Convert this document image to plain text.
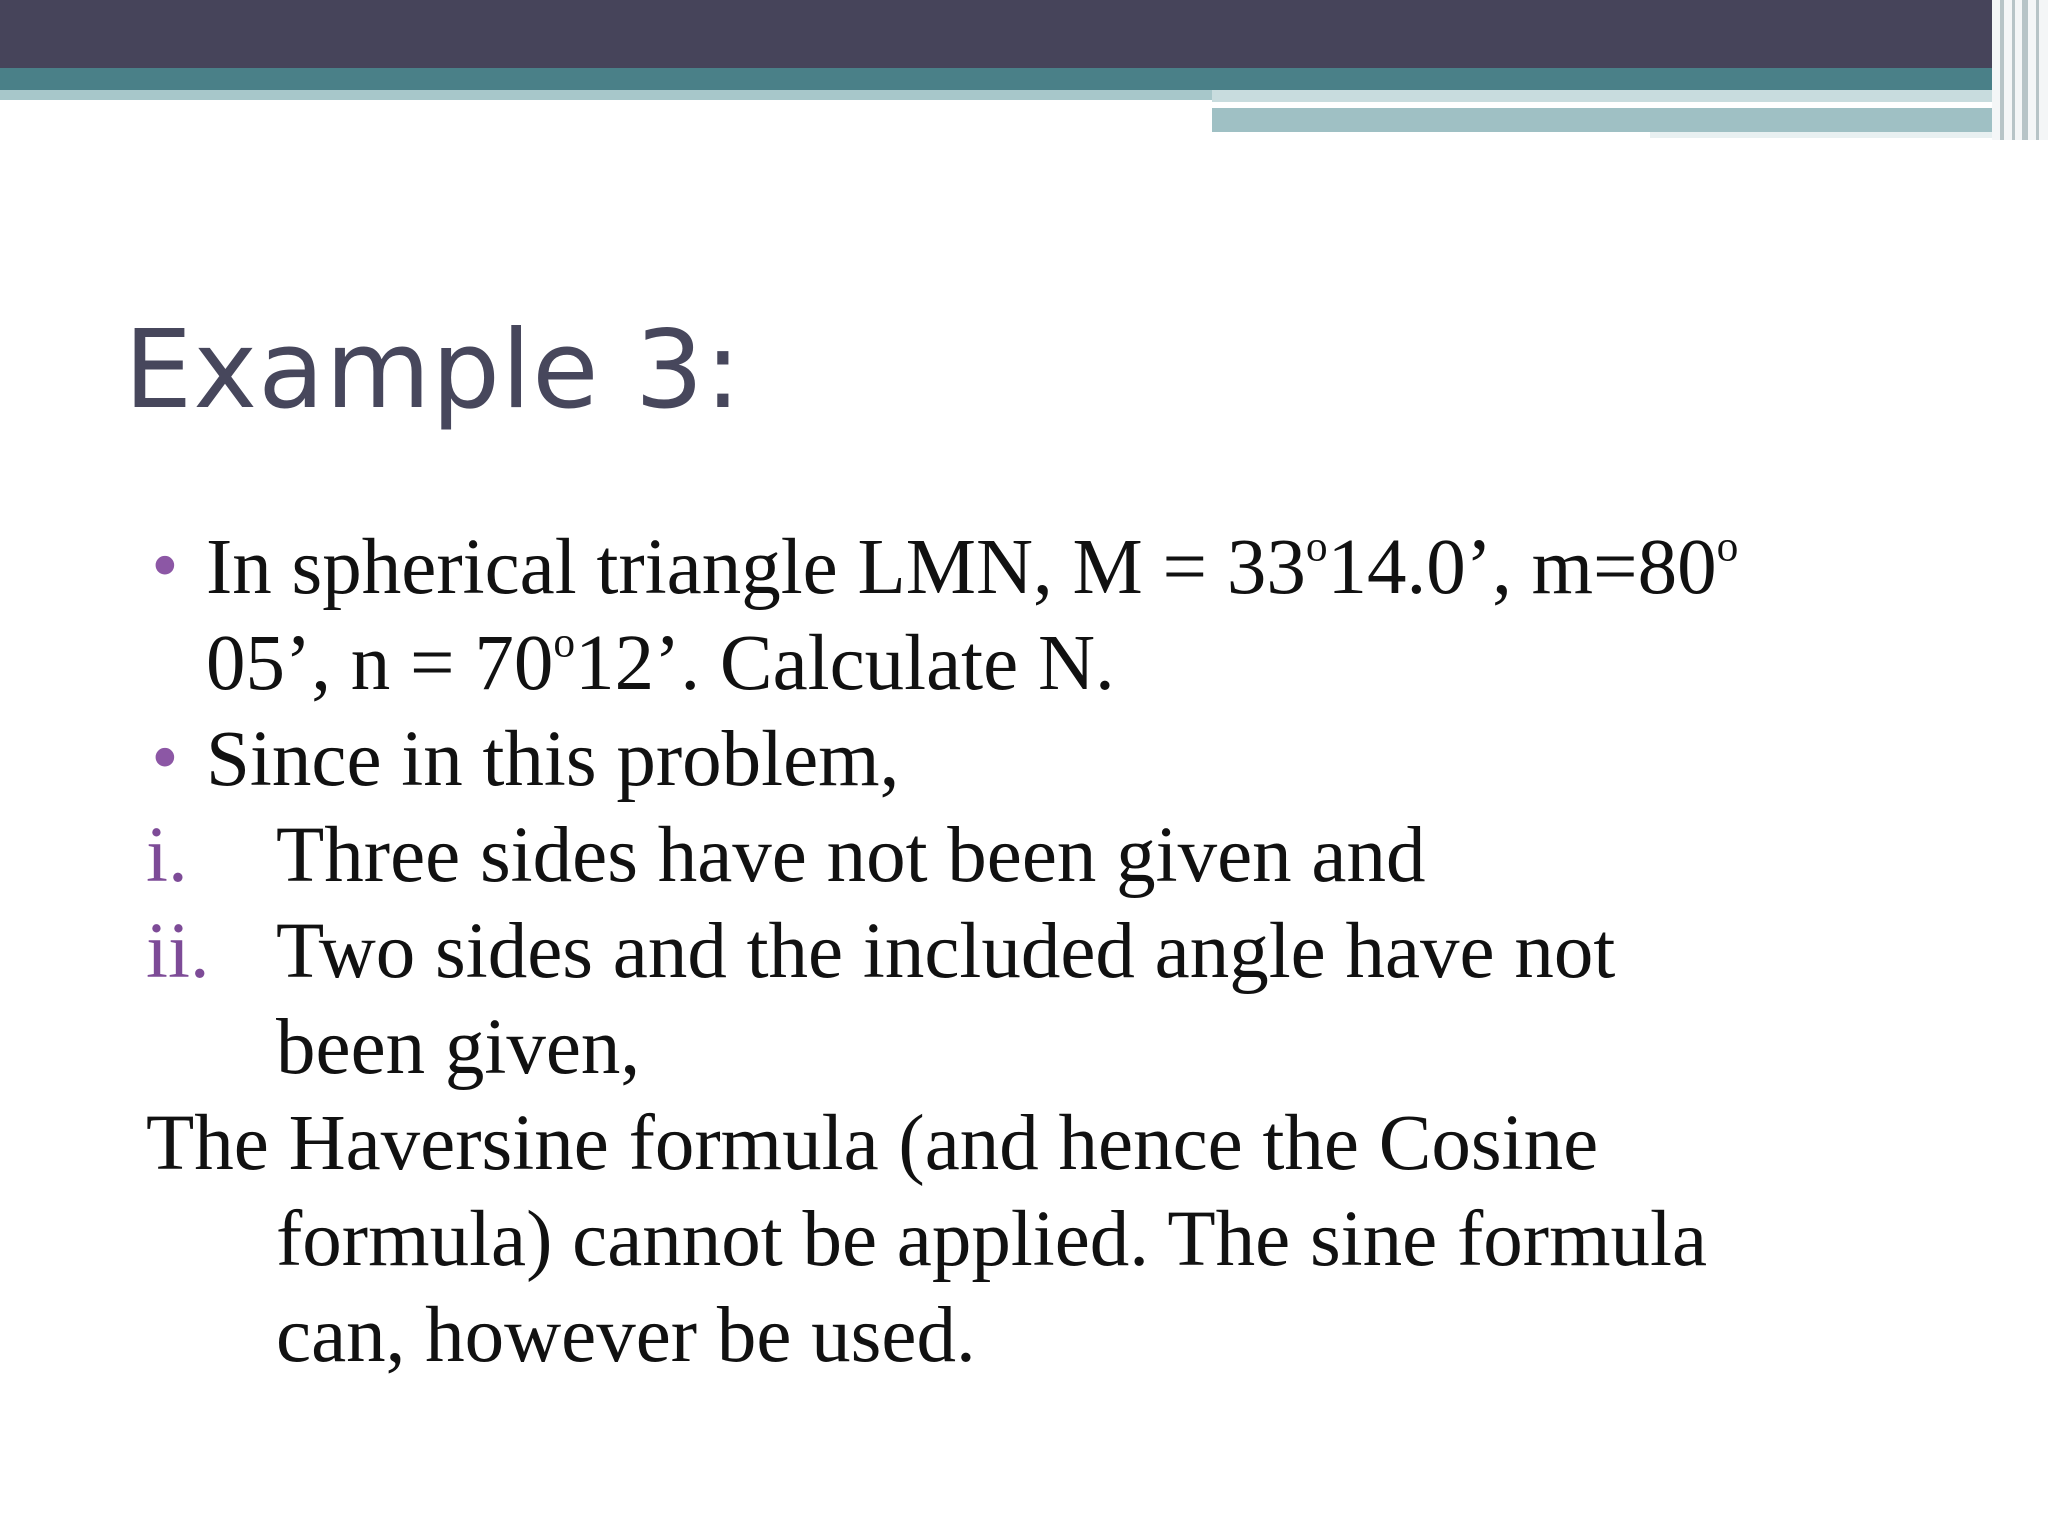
Example 3:
• In spherical triangle LMN, $M = 33^o14.0$’, $m=80^o$
05’, $n = 70^o12$’. Calculate N.
• Since in this problem,
i. Three sides have not been given and
ii. Two sides and the included angle have not
been given,
The Haversine formula (and hence the Cosine
formula) cannot be applied. The sine formula
can, however be used.
